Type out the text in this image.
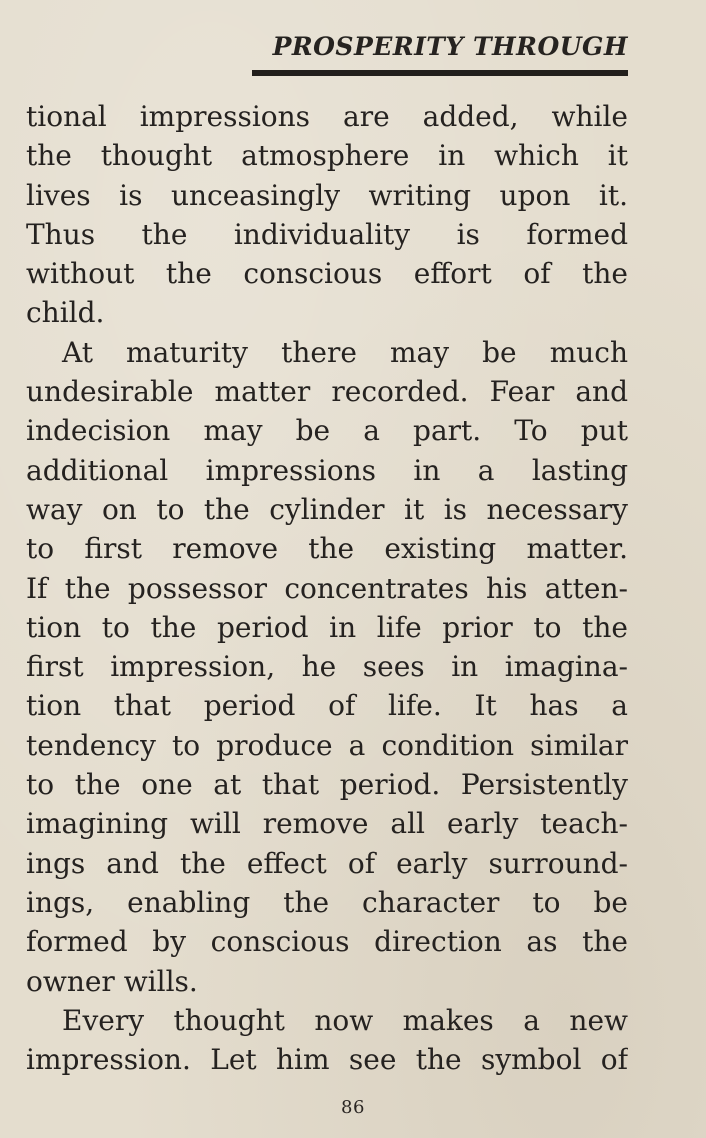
PROSPERITY THROUGH
tional impressions are added, while
the thought atmosphere in which it
lives is unceasingly writing upon it.
Thus the individuality is formed
without the conscious effort of the
child.
At maturity there may be much
undesirable matter recorded. Fear and
indecision may be a part. To put
additional impressions in a lasting
way on to the cylinder it is necessary
to first remove the existing matter.
If the possessor concentrates his atten-
tion to the period in life prior to the
first impression, he sees in imagina-
tion that period of life. It has a
tendency to produce a condition similar
to the one at that period. Persistently
imagining will remove all early teach-
ings and the effect of early surround-
ings, enabling the character to be
formed by conscious direction as the
owner wills.
Every thought now makes a new
impression. Let him see the symbol of
86
